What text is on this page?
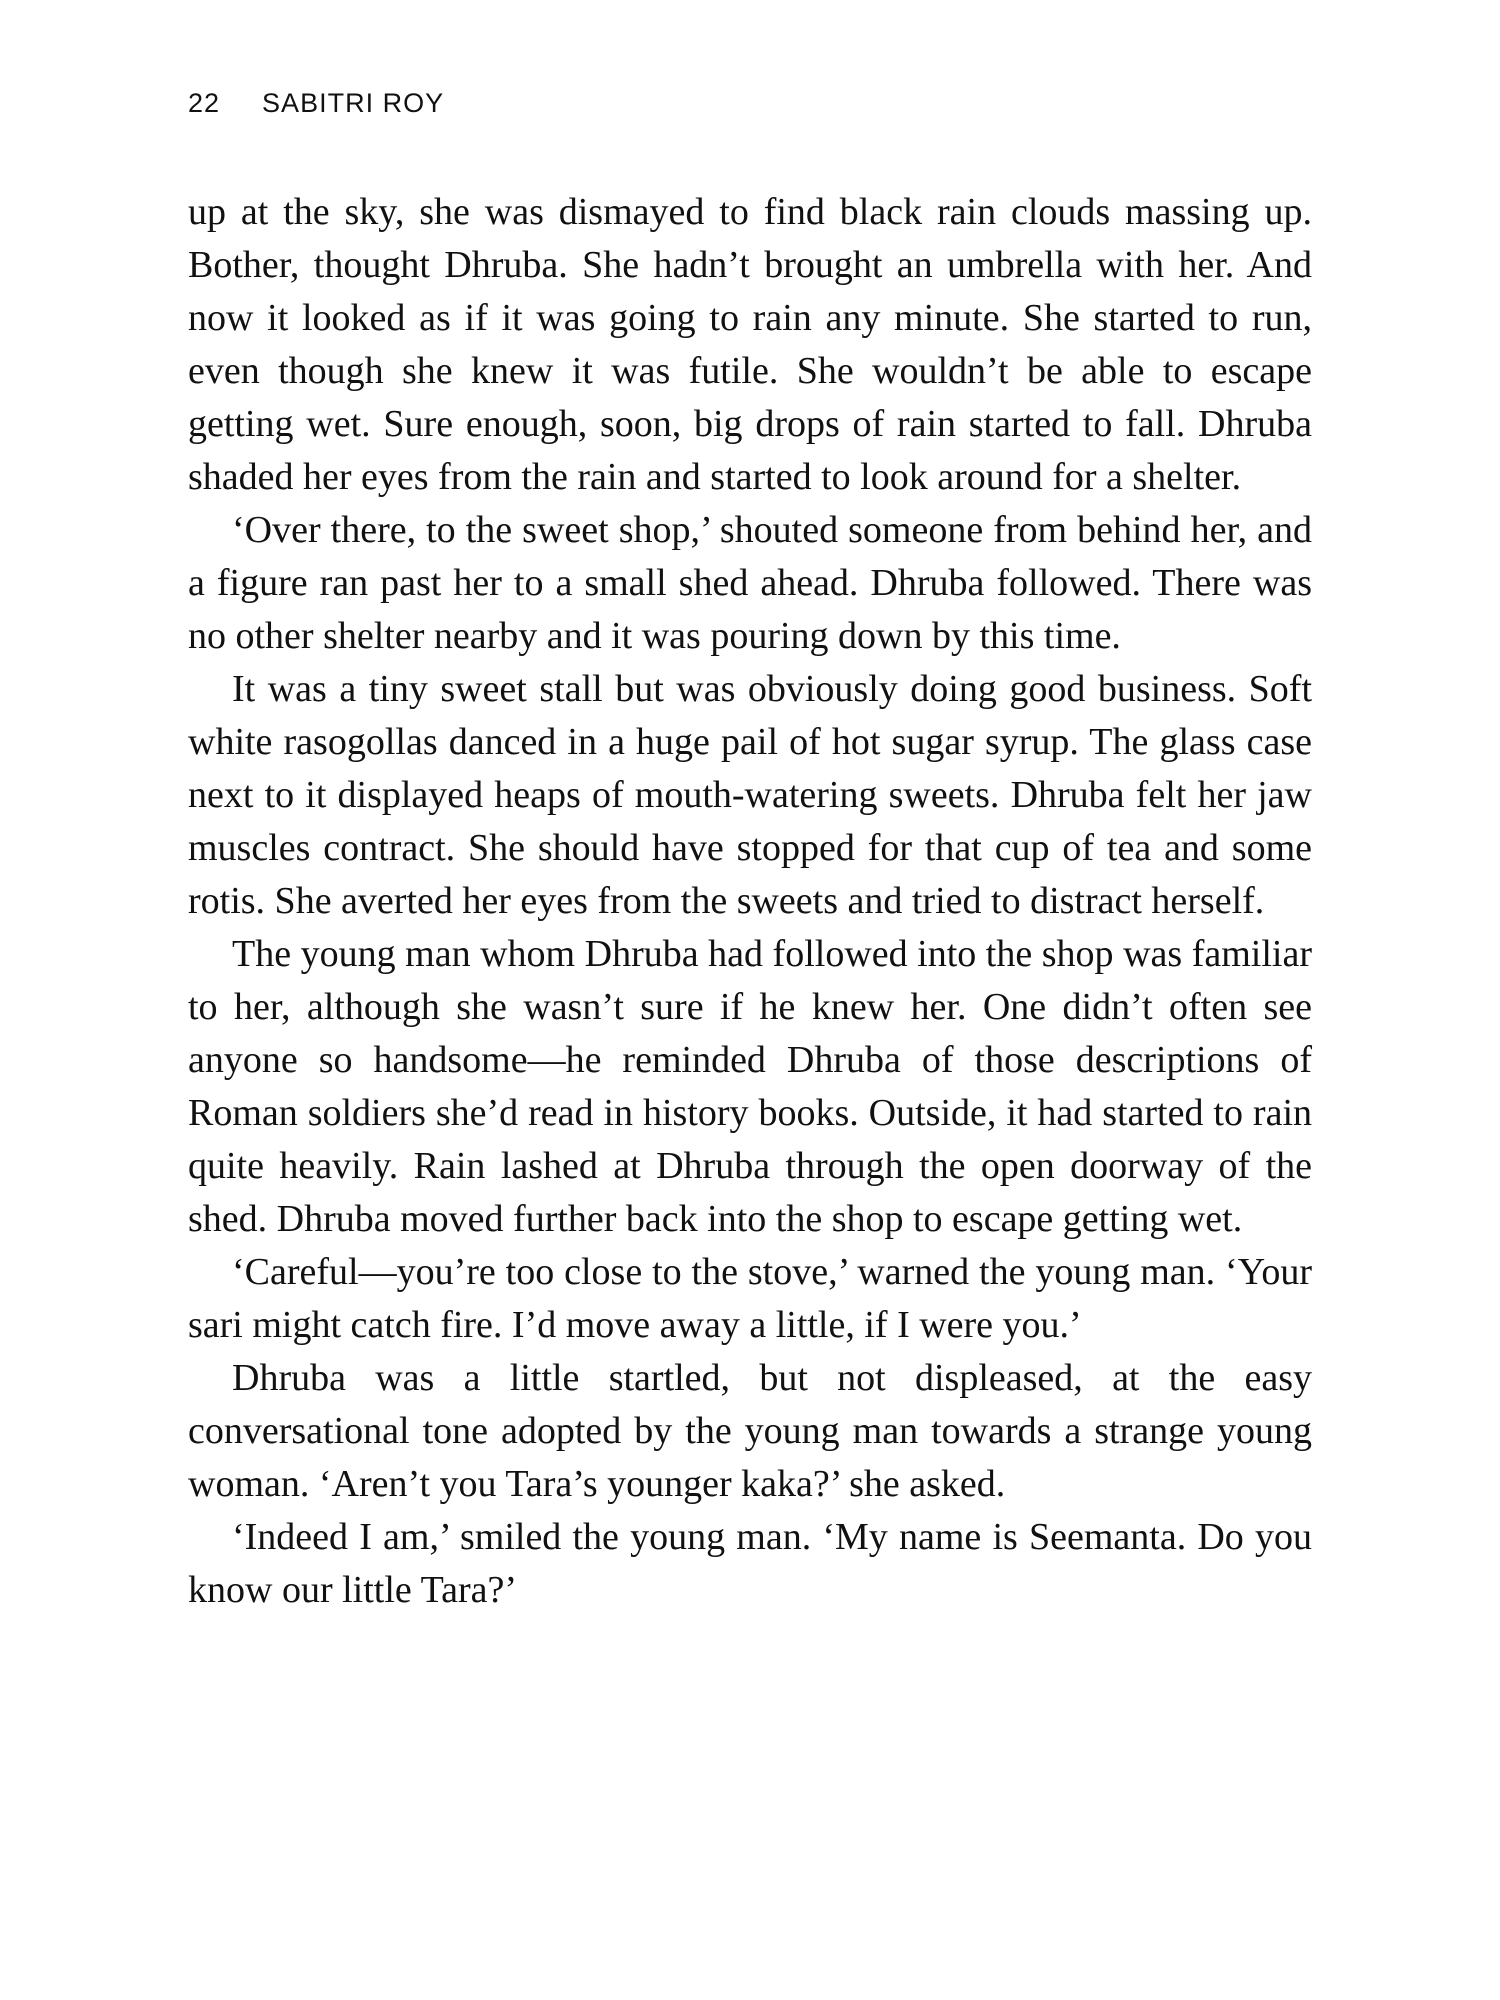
22 SABITRI ROY

up at the sky, she was dismayed to find black rain clouds massing up. Bother, thought Dhruba. She hadn’t brought an umbrella with her. And now it looked as if it was going to rain any minute. She started to run, even though she knew it was futile. She wouldn’t be able to escape getting wet. Sure enough, soon, big drops of rain started to fall. Dhruba shaded her eyes from the rain and started to look around for a shelter.

‘Over there, to the sweet shop,’ shouted someone from behind her, and a figure ran past her to a small shed ahead. Dhruba followed. There was no other shelter nearby and it was pouring down by this time.

It was a tiny sweet stall but was obviously doing good business. Soft white rasogollas danced in a huge pail of hot sugar syrup. The glass case next to it displayed heaps of mouth-watering sweets. Dhruba felt her jaw muscles contract. She should have stopped for that cup of tea and some rotis. She averted her eyes from the sweets and tried to distract herself.

The young man whom Dhruba had followed into the shop was familiar to her, although she wasn’t sure if he knew her. One didn’t often see anyone so handsome—he reminded Dhruba of those descriptions of Roman soldiers she’d read in history books. Outside, it had started to rain quite heavily. Rain lashed at Dhruba through the open doorway of the shed. Dhruba moved further back into the shop to escape getting wet.

‘Careful—you’re too close to the stove,’ warned the young man. ‘Your sari might catch fire. I’d move away a little, if I were you.’

Dhruba was a little startled, but not displeased, at the easy conversational tone adopted by the young man towards a strange young woman. ‘Aren’t you Tara’s younger kaka?’ she asked.

‘Indeed I am,’ smiled the young man. ‘My name is Seemanta. Do you know our little Tara?’
